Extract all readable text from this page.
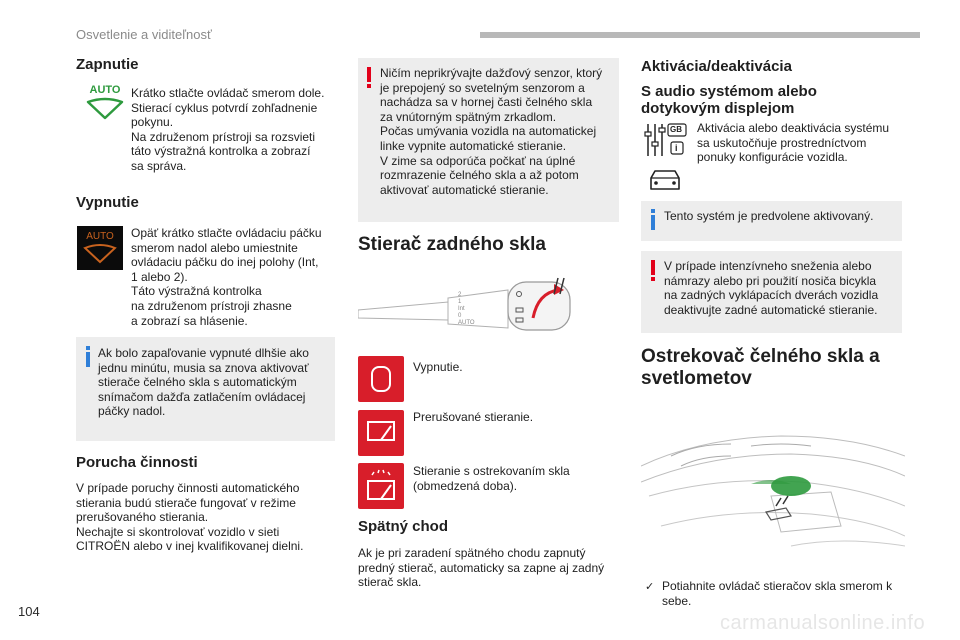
Osvetlenie a viditeľnosť
Zapnutie
AUTO Krátko stlačte ovládač smerom dole.
Stierací cyklus potvrdí zohľadnenie
pokynu.
Na združenom prístroji sa rozsvieti
táto výstražná kontrolka a zobrazí
sa správa.
Vypnutie
AUTO	Opäť krátko stlačte ovládaciu páčku
smerom nadol alebo umiestnite
ovládaciu páčku do inej polohy (Int,
1 alebo 2).
Táto výstražná kontrolka
na združenom prístroji zhasne
a zobrazí sa hlásenie.
Ak bolo zapaľovanie vypnuté dlhšie ako
jednu minútu, musia sa znova aktivovať
stierače čelného skla s automatickým
snímačom dažďa zatlačením ovládacej
páčky nadol.
Porucha činnosti
V prípade poruchy činnosti automatického
stierania budú stierače fungovať v režime
prerušovaného stierania.
Nechajte si skontrolovať vozidlo v sieti
CITROËN alebo v inej kvalifikovanej dielni.
Ničím neprikrývajte dažďový senzor, ktorý
je prepojený so svetelným senzorom a
nachádza sa v hornej časti čelného skla
za vnútorným spätným zrkadlom.
Počas umývania vozidla na automatickej
linke vypnite automatické stieranie.
V zime sa odporúča počkať na úplné
rozmrazenie čelného skla a až potom
aktivovať automatické stieranie.
Stierač zadného skla
2
1
Int
0
AUTO
Vypnutie.
Prerušované stieranie.
Stieranie s ostrekovaním skla
(obmedzená doba).
Spätný chod
Ak je pri zaradení spätného chodu zapnutý
predný stierač, automaticky sa zapne aj zadný
stierač skla.
Aktivácia/deaktivácia
S audio systémom alebo
dotykovým displejom
GB
i
Aktivácia alebo deaktivácia systému
sa uskutočňuje prostredníctvom
ponuky konfigurácie vozidla.
Tento systém je predvolene aktivovaný.
V prípade intenzívneho sneženia alebo
námrazy alebo pri použití nosiča bicykla
na zadných vyklápacích dverách vozidla
deaktivujte zadné automatické stieranie.
Ostrekovač čelného skla a
svetlometov
✓ Potiahnite ovládač stieračov skla smerom k
sebe.
104
carmanualsonline.info
